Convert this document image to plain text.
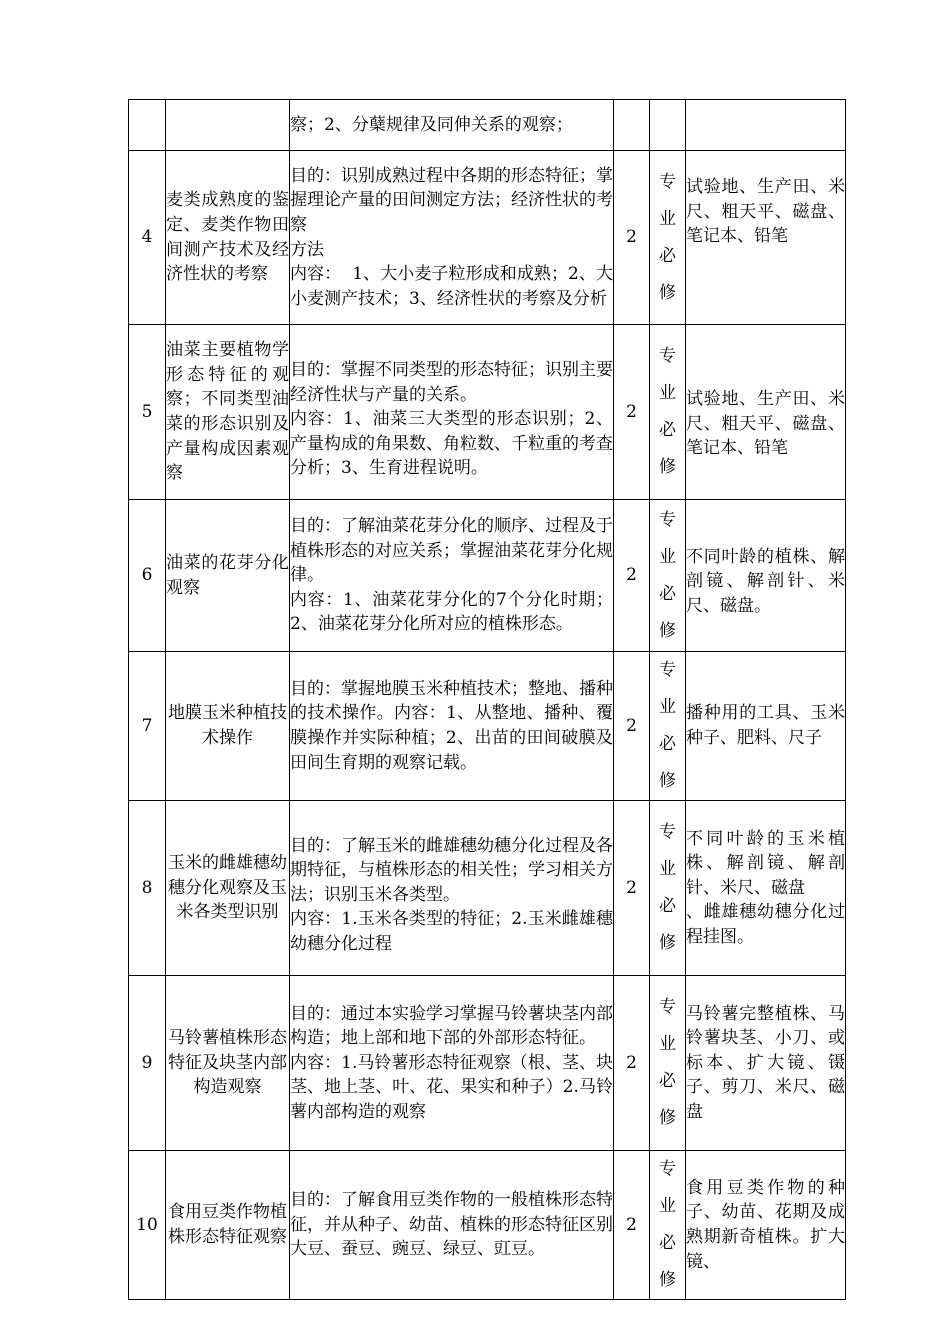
		察；2、分蘖规律及同伸关系的观察；			

4	麦类成熟度的鉴定、麦类作物田间测产技术及经济性状的考察	目的：识别成熟过程中各期的形态特征；掌握理论产量的田间测定方法；经济性状的考察
方法
内容：  1、大小麦子粒形成和成熟；2、大小麦测产技术；3、经济性状的考察及分析	2	专业必修	试验地、生产田、米尺、粗天平、磁盘、笔记本、铅笔

5	油菜主要植物学形态特征的观察；不同类型油菜的形态识别及产量构成因素观察	目的：掌握不同类型的形态特征；识别主要经济性状与产量的关系。
内容：1、油菜三大类型的形态识别；2、产量构成的角果数、角粒数、千粒重的考查分析；3、生育进程说明。	2	专业必修	试验地、生产田、米尺、粗天平、磁盘、笔记本、铅笔

6	油菜的花芽分化观察	目的：了解油菜花芽分化的顺序、过程及于植株形态的对应关系；掌握油菜花芽分化规律。
内容：1、油菜花芽分化的7个分化时期；2、油菜花芽分化所对应的植株形态。	2	专业必修	不同叶龄的植株、解剖镜、解剖针、米尺、磁盘。

7	地膜玉米种植技术操作	目的：掌握地膜玉米种植技术；整地、播种的技术操作。内容：1、从整地、播种、覆膜操作并实际种植；2、出苗的田间破膜及田间生育期的观察记载。	2	专业必修	播种用的工具、玉米种子、肥料、尺子

8	玉米的雌雄穗幼穗分化观察及玉米各类型识别	目的：了解玉米的雌雄穗幼穗分化过程及各期特征，与植株形态的相关性；学习相关方法；识别玉米各类型。
内容：1.玉米各类型的特征；2.玉米雌雄穗幼穗分化过程	2	专业必修	不同叶龄的玉米植株、解剖镜、解剖针、米尺、磁盘
、雌雄穗幼穗分化过程挂图。

9	马铃薯植株形态特征及块茎内部构造观察	目的：通过本实验学习掌握马铃薯块茎内部构造；地上部和地下部的外部形态特征。
内容：1.马铃薯形态特征观察（根、茎、块茎、地上茎、叶、花、果实和种子）2.马铃薯内部构造的观察	2	专业必修	马铃薯完整植株、马铃薯块茎、小刀、或标本、扩大镜、镊子、剪刀、米尺、磁盘

10	食用豆类作物植株形态特征观察	目的：了解食用豆类作物的一般植株形态特征，并从种子、幼苗、植株的形态特征区别大豆、蚕豆、豌豆、绿豆、豇豆。	2	专业必修	食用豆类作物的种子、幼苗、花期及成熟期新奇植株。扩大镜、
